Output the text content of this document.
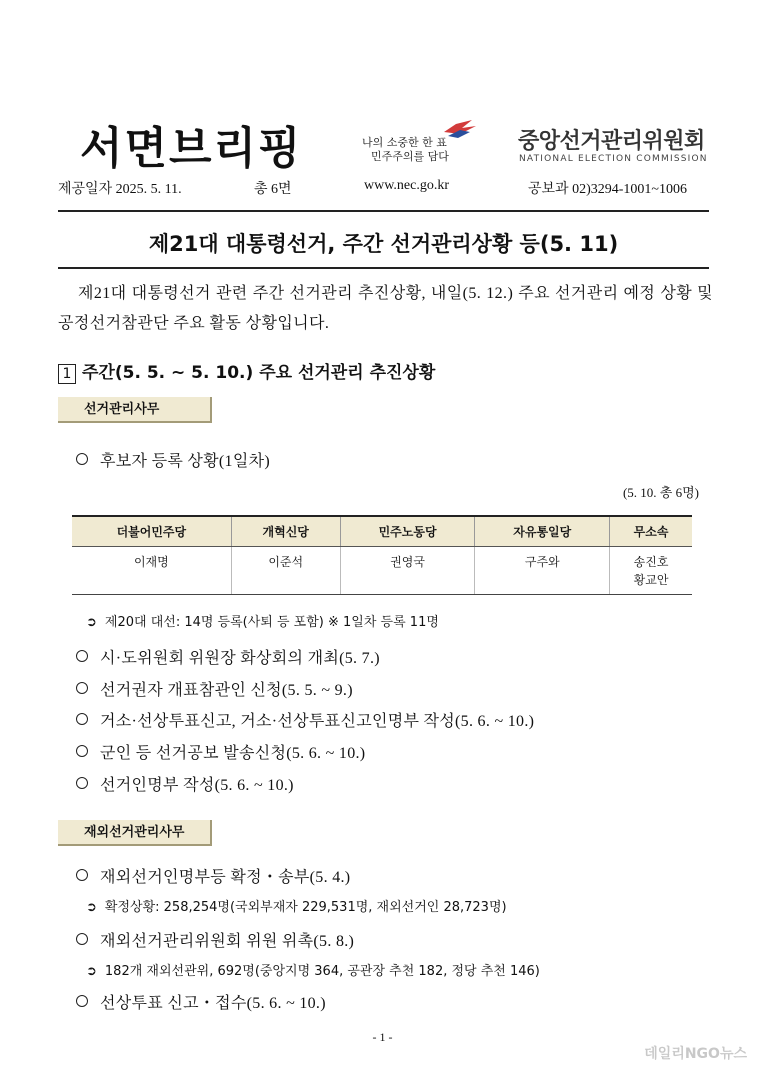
서면브리핑	나의 소중한 한 표
민주주의를 담다
중앙선거관리위원회
NATIONAL ELECTION COMMISSION
제공일자 2025. 5. 11.	총 6면	www.nec.go.kr	공보과 02)3294-1001~1006
제21대 대통령선거, 주간 선거관리상황 등(5. 11)
제21대 대통령선거 관련 주간 선거관리 추진상황, 내일(5. 12.) 주요 선거관리 예정 상황 및 공정선거참관단 주요 활동 상황입니다.
1 주간(5. 5. ~ 5. 10.) 주요 선거관리 추진상황
선거관리사무
후보자 등록 상황(1일차)
(5. 10. 총 6명)
더불어민주당	개혁신당	민주노동당	자유통일당	무소속
이재명	이준석	권영국	구주와	송진호
황교안
➲ 제20대 대선: 14명 등록(사퇴 등 포함) ※ 1일차 등록 11명
시·도위원회 위원장 화상회의 개최(5. 7.)
선거권자 개표참관인 신청(5. 5. ~ 9.)
거소·선상투표신고, 거소·선상투표신고인명부 작성(5. 6. ~ 10.)
군인 등 선거공보 발송신청(5. 6. ~ 10.)
선거인명부 작성(5. 6. ~ 10.)
재외선거관리사무
재외선거인명부등 확정・송부(5. 4.)
➲ 확정상황: 258,254명(국외부재자 229,531명, 재외선거인 28,723명)
재외선거관리위원회 위원 위촉(5. 8.)
➲ 182개 재외선관위, 692명(중앙지명 364, 공관장 추천 182, 정당 추천 146)
선상투표 신고・접수(5. 6. ~ 10.)
- 1 -
데일리NGO뉴스
